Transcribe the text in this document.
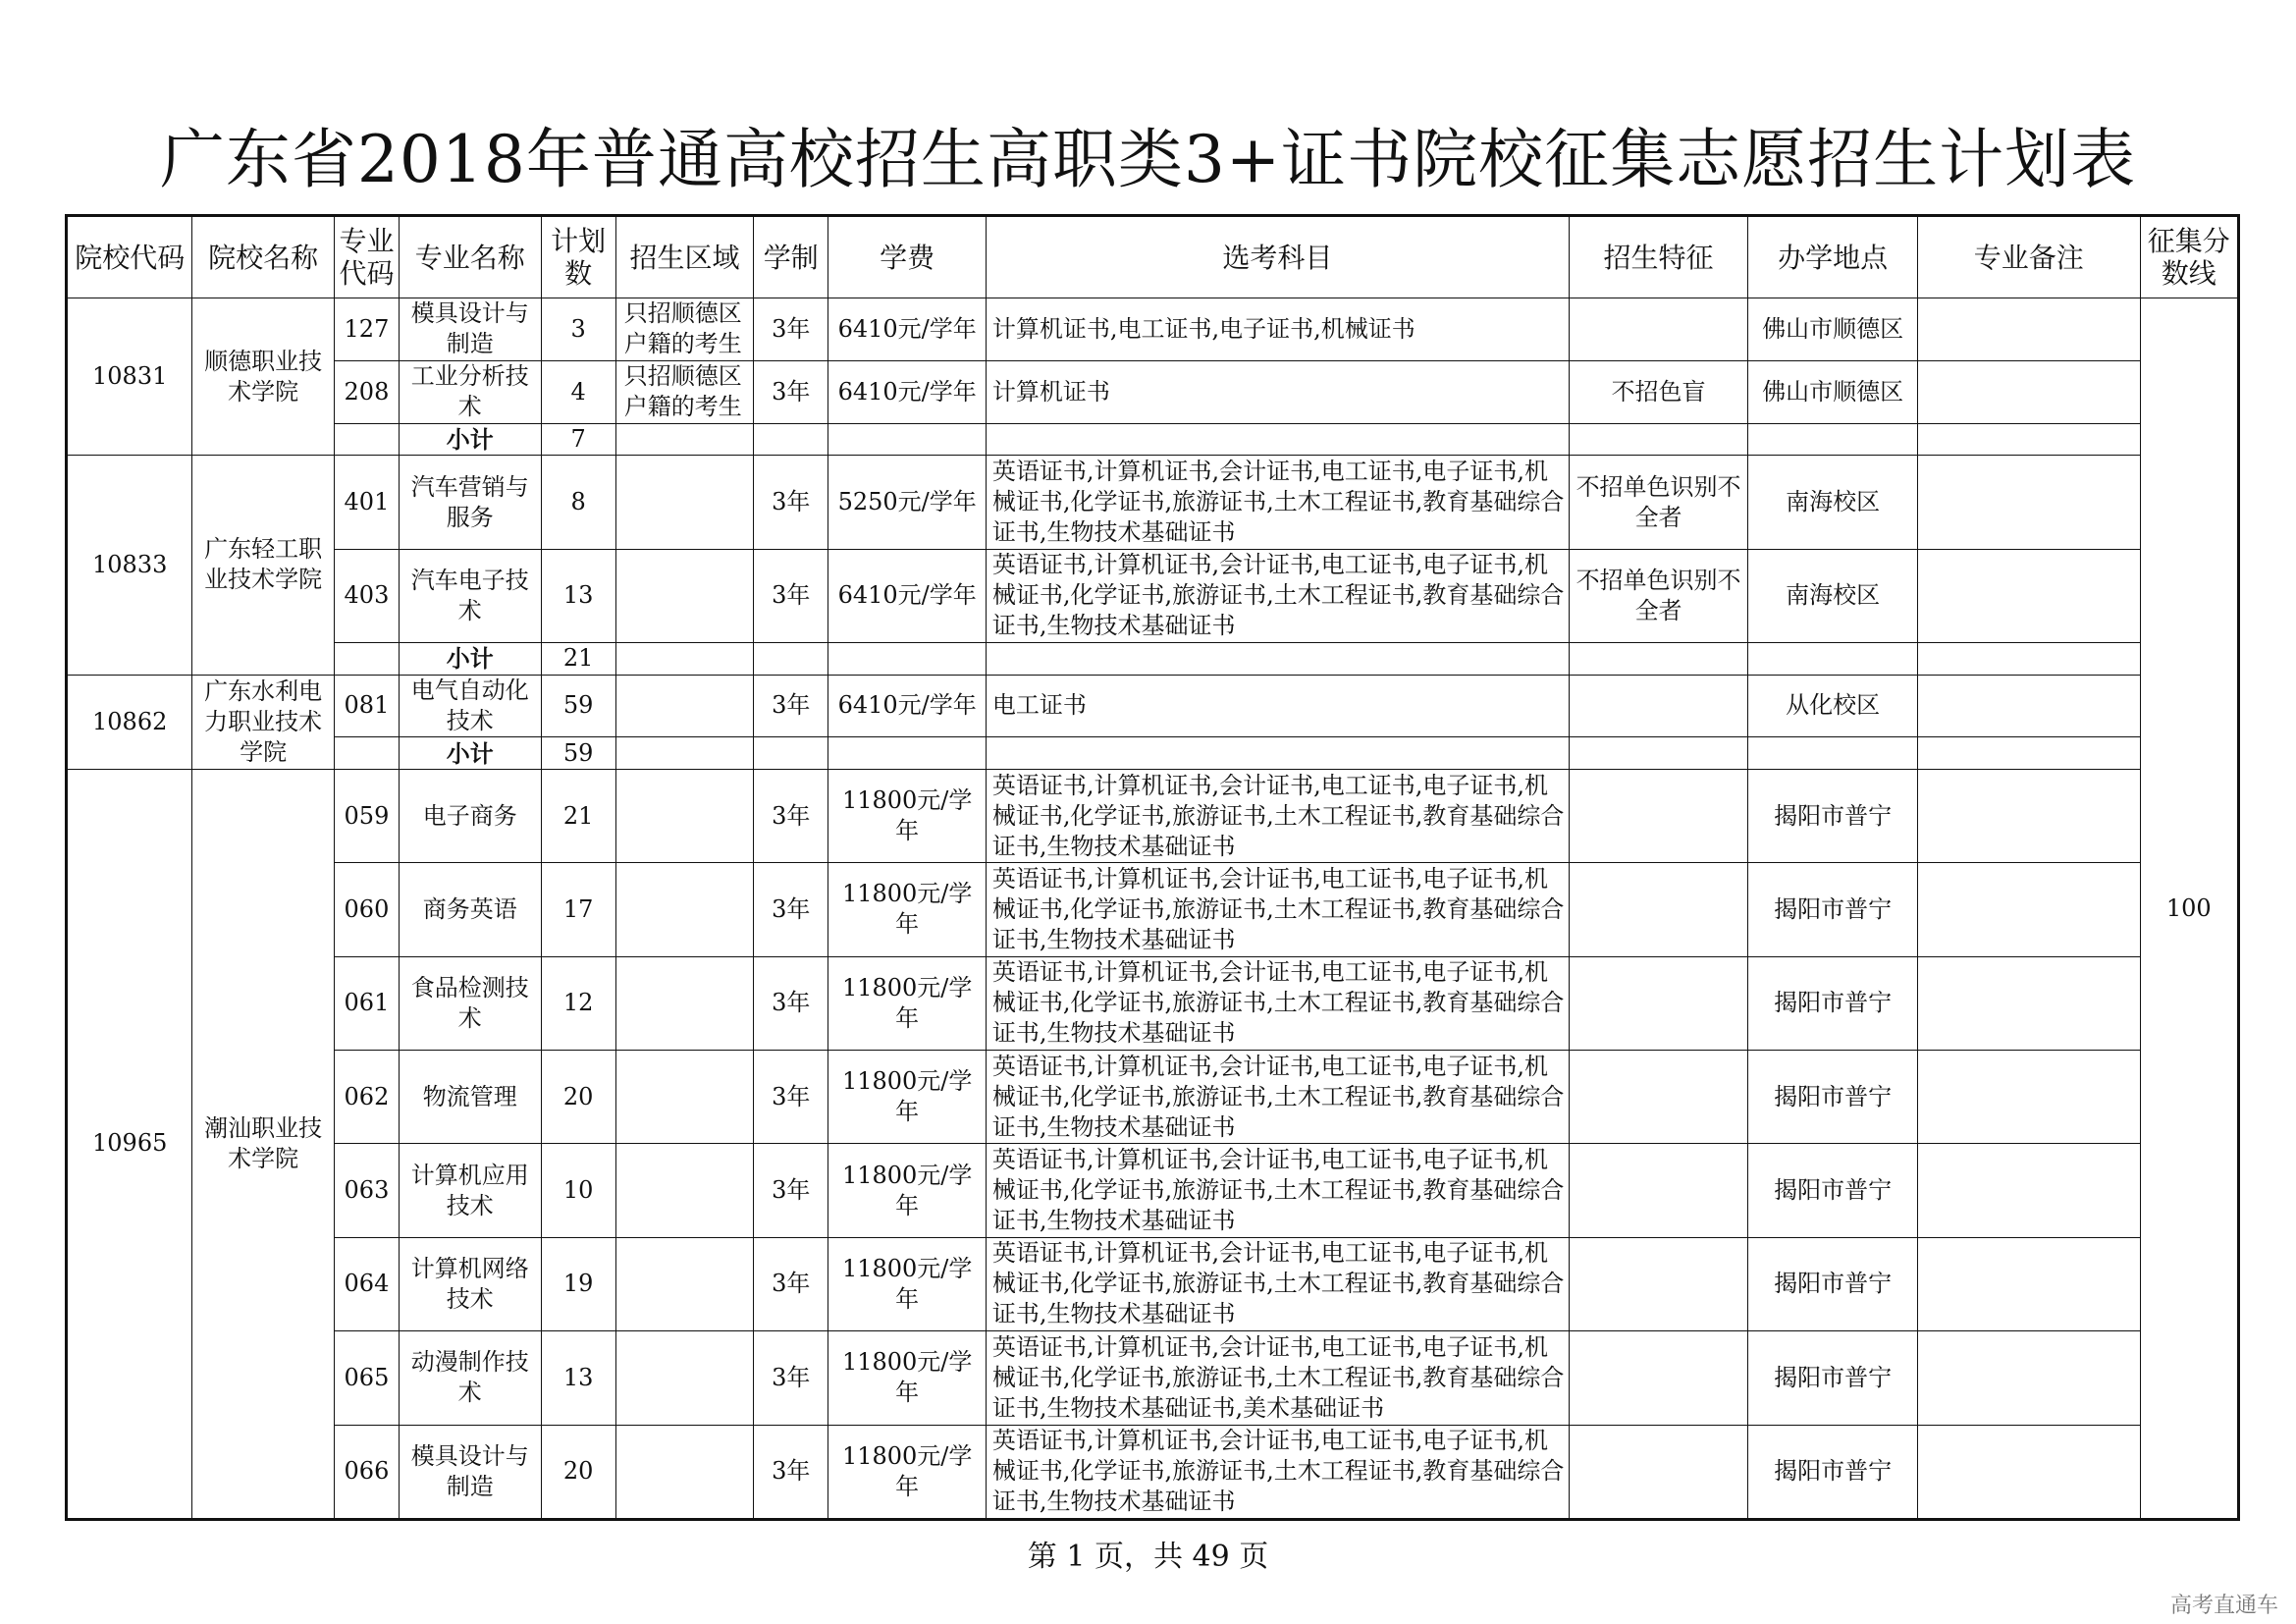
广东省2018年普通高校招生高职类3+证书院校征集志愿招生计划表
院校代码	院校名称	专业代码	专业名称	计划数	招生区域	学制	学费	选考科目	招生特征	办学地点	专业备注	征集分数线
10831	顺德职业技术学院	127	模具设计与制造	3	只招顺德区户籍的考生	3年	6410元/学年	计算机证书,电工证书,电子证书,机械证书		佛山市顺德区		100
		208	工业分析技术	4	只招顺德区户籍的考生	3年	6410元/学年	计算机证书	不招色盲	佛山市顺德区		
			小计	7								
10833	广东轻工职业技术学院	401	汽车营销与服务	8		3年	5250元/学年	英语证书,计算机证书,会计证书,电工证书,电子证书,机械证书,化学证书,旅游证书,土木工程证书,教育基础综合证书,生物技术基础证书	不招单色识别不全者	南海校区		
		403	汽车电子技术	13		3年	6410元/学年	英语证书,计算机证书,会计证书,电工证书,电子证书,机械证书,化学证书,旅游证书,土木工程证书,教育基础综合证书,生物技术基础证书	不招单色识别不全者	南海校区		
			小计	21								
10862	广东水利电力职业技术学院	081	电气自动化技术	59		3年	6410元/学年	电工证书		从化校区		
			小计	59								
10965	潮汕职业技术学院	059	电子商务	21		3年	11800元/学年	英语证书,计算机证书,会计证书,电工证书,电子证书,机械证书,化学证书,旅游证书,土木工程证书,教育基础综合证书,生物技术基础证书		揭阳市普宁		
		060	商务英语	17		3年	11800元/学年	英语证书,计算机证书,会计证书,电工证书,电子证书,机械证书,化学证书,旅游证书,土木工程证书,教育基础综合证书,生物技术基础证书		揭阳市普宁		
		061	食品检测技术	12		3年	11800元/学年	英语证书,计算机证书,会计证书,电工证书,电子证书,机械证书,化学证书,旅游证书,土木工程证书,教育基础综合证书,生物技术基础证书		揭阳市普宁		
		062	物流管理	20		3年	11800元/学年	英语证书,计算机证书,会计证书,电工证书,电子证书,机械证书,化学证书,旅游证书,土木工程证书,教育基础综合证书,生物技术基础证书		揭阳市普宁		
		063	计算机应用技术	10		3年	11800元/学年	英语证书,计算机证书,会计证书,电工证书,电子证书,机械证书,化学证书,旅游证书,土木工程证书,教育基础综合证书,生物技术基础证书		揭阳市普宁		
		064	计算机网络技术	19		3年	11800元/学年	英语证书,计算机证书,会计证书,电工证书,电子证书,机械证书,化学证书,旅游证书,土木工程证书,教育基础综合证书,生物技术基础证书		揭阳市普宁		
		065	动漫制作技术	13		3年	11800元/学年	英语证书,计算机证书,会计证书,电工证书,电子证书,机械证书,化学证书,旅游证书,土木工程证书,教育基础综合证书,生物技术基础证书,美术基础证书		揭阳市普宁		
		066	模具设计与制造	20		3年	11800元/学年	英语证书,计算机证书,会计证书,电工证书,电子证书,机械证书,化学证书,旅游证书,土木工程证书,教育基础综合证书,生物技术基础证书		揭阳市普宁		
第 1 页，共 49 页
高考直通车
